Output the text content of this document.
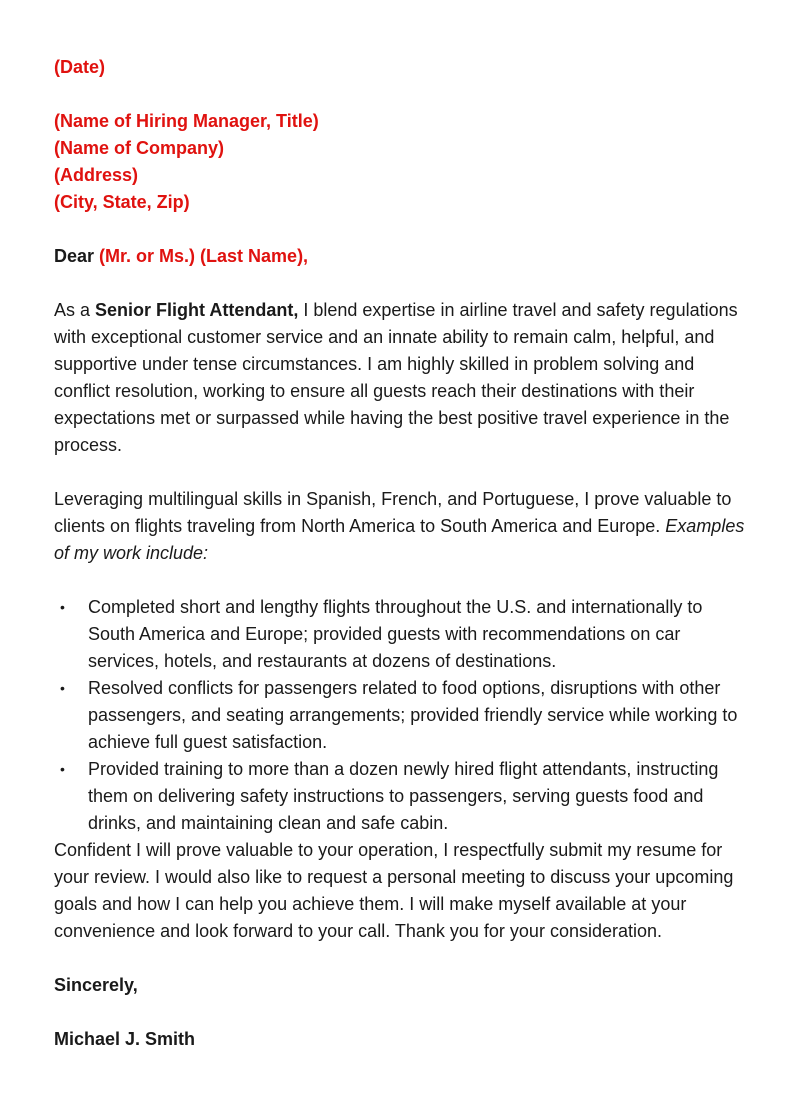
(Date)

(Name of Hiring Manager, Title)

(Name of Company)

(Address)

(City, State, Zip)

Dear (Mr. or Ms.) (Last Name),

As a Senior Flight Attendant, I blend expertise in airline travel and safety regulations with exceptional customer service and an innate ability to remain calm, helpful, and supportive under tense circumstances. I am highly skilled in problem solving and conflict resolution, working to ensure all guests reach their destinations with their expectations met or surpassed while having the best positive travel experience in the process.

Leveraging multilingual skills in Spanish, French, and Portuguese, I prove valuable to clients on flights traveling from North America to South America and Europe. Examples of my work include:

• Completed short and lengthy flights throughout the U.S. and internationally to South America and Europe; provided guests with recommendations on car services, hotels, and restaurants at dozens of destinations.
• Resolved conflicts for passengers related to food options, disruptions with other passengers, and seating arrangements; provided friendly service while working to achieve full guest satisfaction.
• Provided training to more than a dozen newly hired flight attendants, instructing them on delivering safety instructions to passengers, serving guests food and drinks, and maintaining clean and safe cabin.

Confident I will prove valuable to your operation, I respectfully submit my resume for your review. I would also like to request a personal meeting to discuss your upcoming goals and how I can help you achieve them. I will make myself available at your convenience and look forward to your call. Thank you for your consideration.

Sincerely,

Michael J. Smith
